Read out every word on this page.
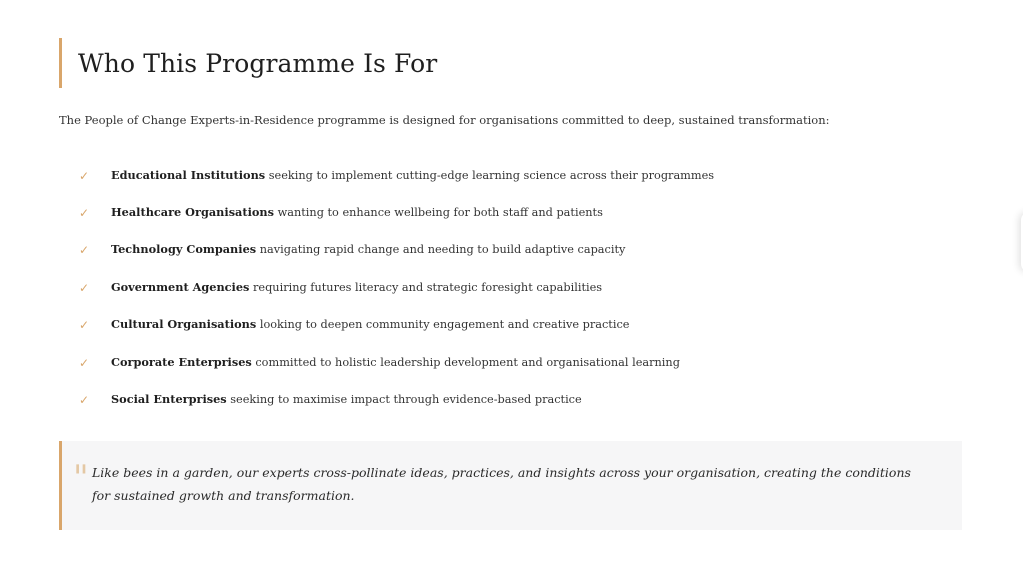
Who This Programme Is For

The People of Change Experts-in-Residence programme is designed for organisations committed to deep, sustained transformation:

✓ Educational Institutions seeking to implement cutting-edge learning science across their programmes
✓ Healthcare Organisations wanting to enhance wellbeing for both staff and patients
✓ Technology Companies navigating rapid change and needing to build adaptive capacity
✓ Government Agencies requiring futures literacy and strategic foresight capabilities
✓ Cultural Organisations looking to deepen community engagement and creative practice
✓ Corporate Enterprises committed to holistic leadership development and organisational learning
✓ Social Enterprises seeking to maximise impact through evidence-based practice
" Like bees in a garden, our experts cross-pollinate ideas, practices, and insights across your organisation, creating the conditions for sustained growth and transformation.
